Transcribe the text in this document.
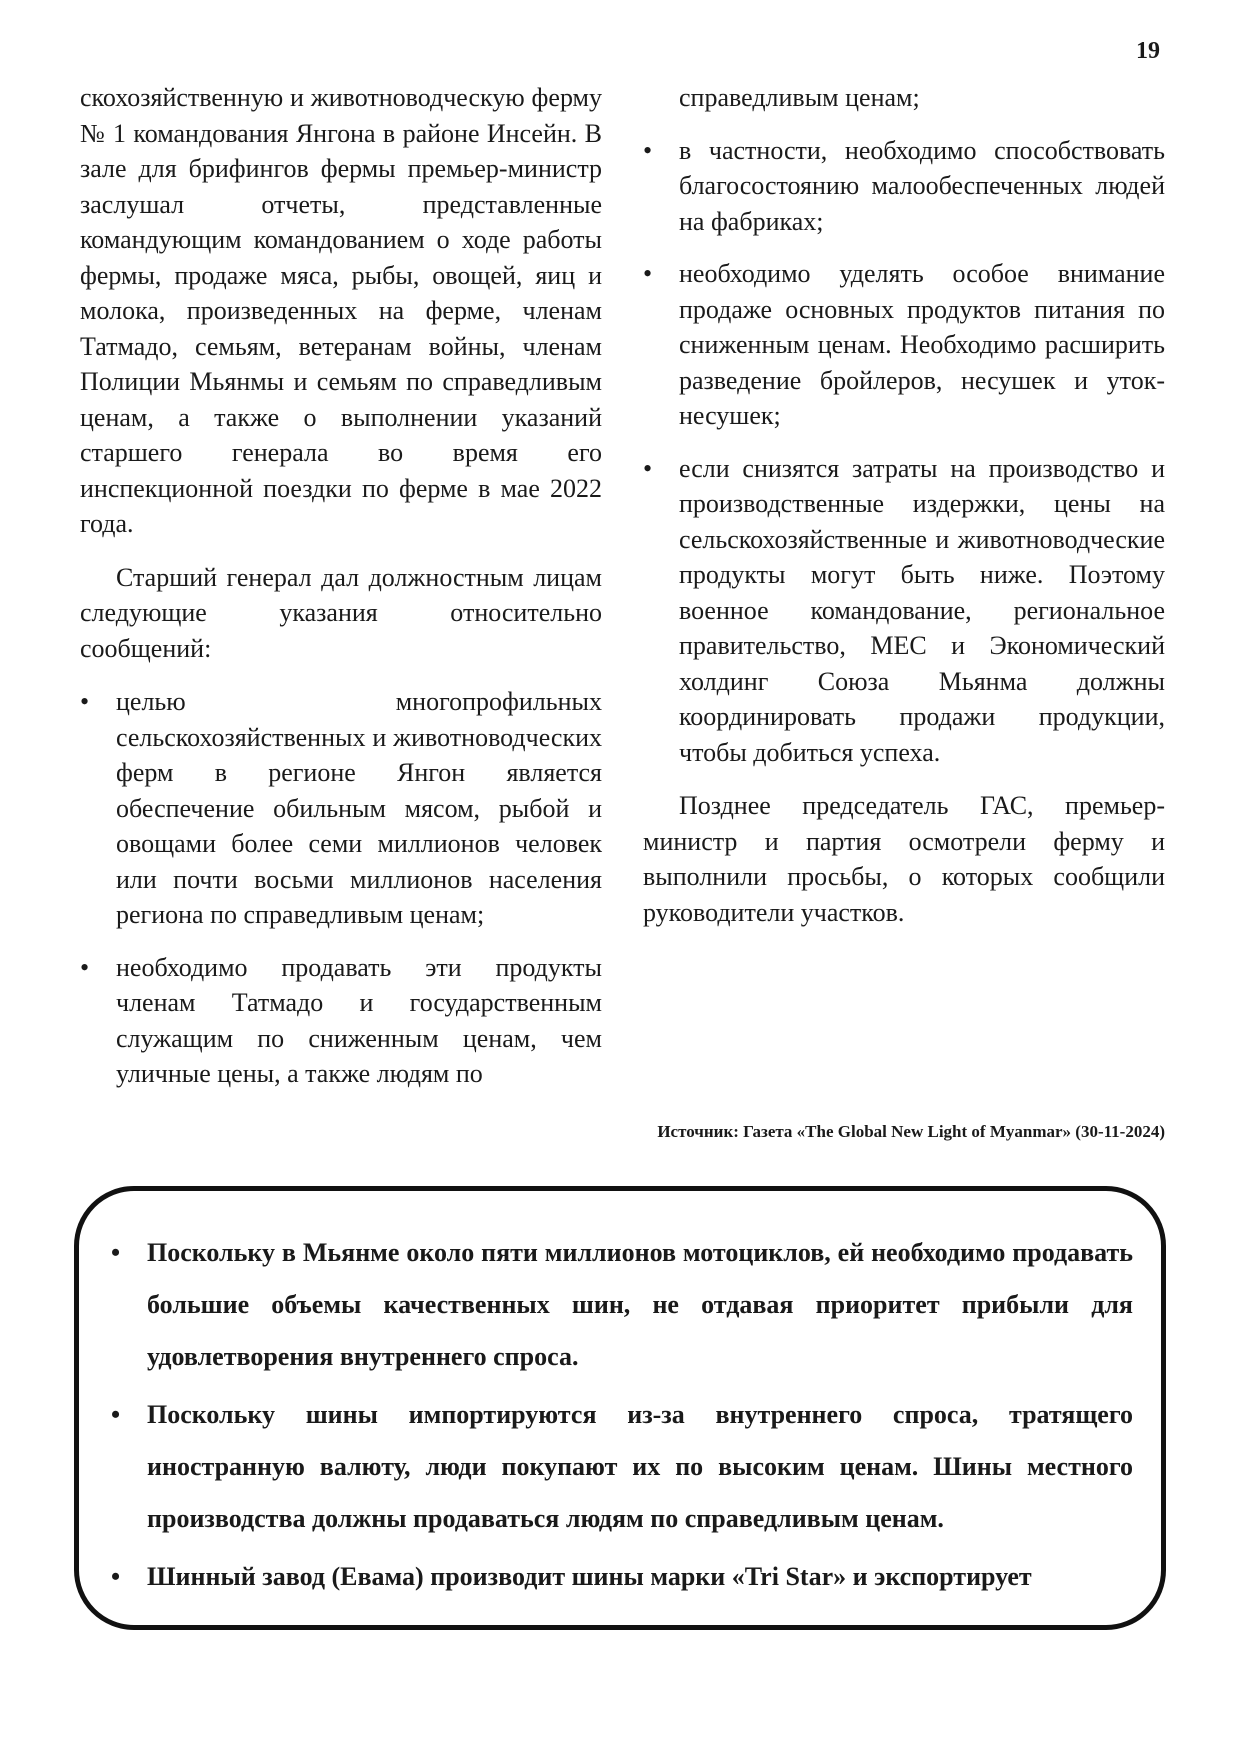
19

скохозяйственную и животноводческую ферму № 1 командования Янгона в районе Инсейн. В зале для брифингов фермы премьер-министр заслушал отчеты, представленные командующим командованием о ходе работы фермы, продаже мяса, рыбы, овощей, яиц и молока, произведенных на ферме, членам Татмадо, семьям, ветеранам войны, членам Полиции Мьянмы и семьям по справедливым ценам, а также о выполнении указаний старшего генерала во время его инспекционной поездки по ферме в мае 2022 года.

Старший генерал дал должностным лицам следующие указания относительно сообщений:

• целью многопрофильных сельскохозяйственных и животноводческих ферм в регионе Янгон является обеспечение обильным мясом, рыбой и овощами более семи миллионов человек или почти восьми миллионов населения региона по справедливым ценам;
• необходимо продавать эти продукты членам Татмадо и государственным служащим по сниженным ценам, чем уличные цены, а также людям по
справедливым ценам;
• в частности, необходимо способствовать благосостоянию малообеспеченных людей на фабриках;
• необходимо уделять особое внимание продаже основных продуктов питания по сниженным ценам. Необходимо расширить разведение бройлеров, несушек и уток-несушек;
• если снизятся затраты на производство и производственные издержки, цены на сельскохозяйственные и животноводческие продукты могут быть ниже. Поэтому военное командование, региональное правительство, MEC и Экономический холдинг Союза Мьянма должны координировать продажи продукции, чтобы добиться успеха.

Позднее председатель ГАС, премьер-министр и партия осмотрели ферму и выполнили просьбы, о которых сообщили руководители участков.

Источник: Газета «The Global New Light of Myanmar» (30-11-2024)
• Поскольку в Мьянме около пяти миллионов мотоциклов, ей необходимо продавать большие объемы качественных шин, не отдавая приоритет прибыли для удовлетворения внутреннего спроса.
• Поскольку шины импортируются из-за внутреннего спроса, тратящего иностранную валюту, люди покупают их по высоким ценам. Шины местного производства должны продаваться людям по справедливым ценам.
• Шинный завод (Евама) производит шины марки «Tri Star» и экспортирует
